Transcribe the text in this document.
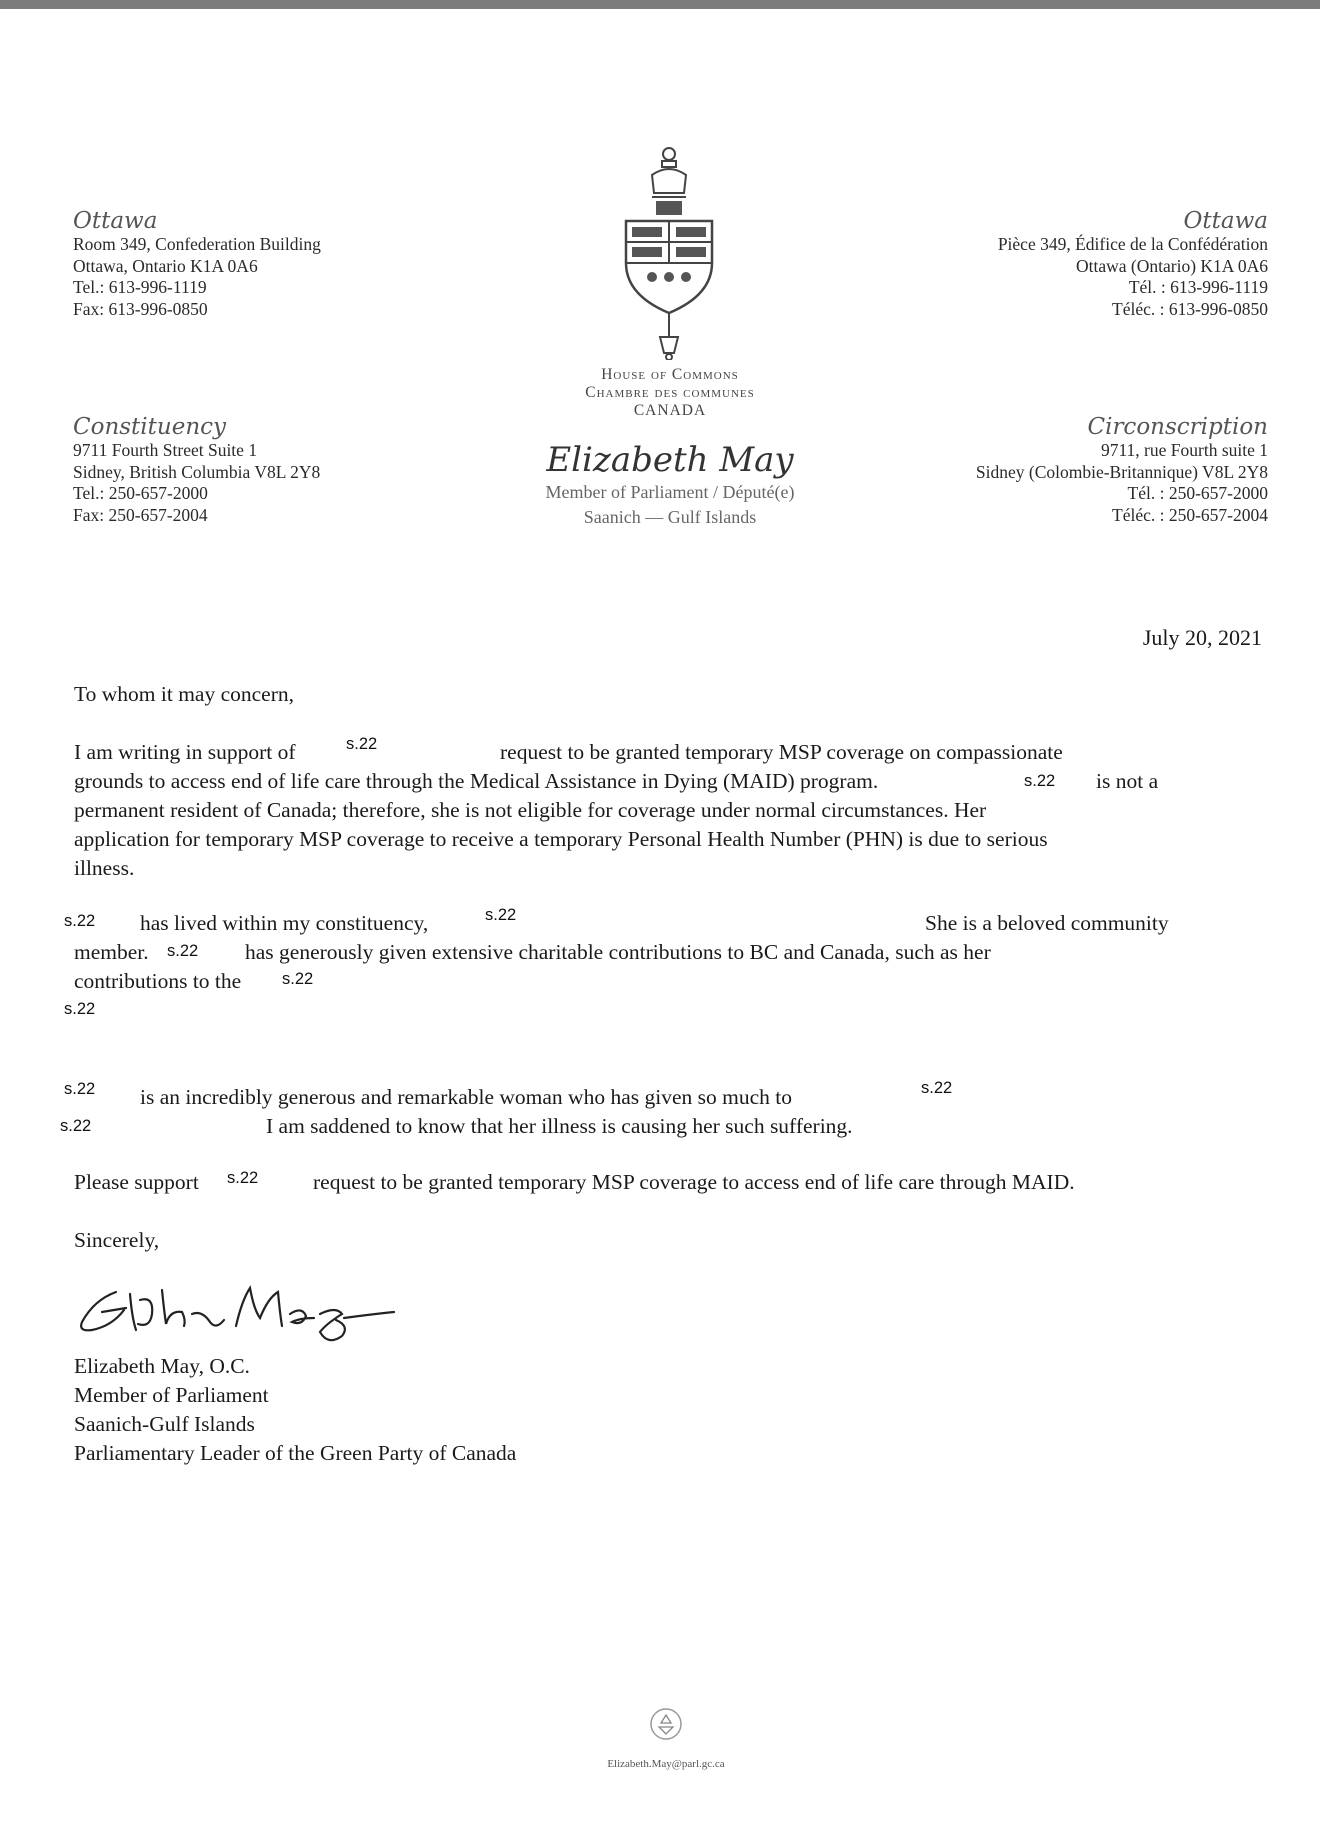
Ottawa
Room 349, Confederation Building
Ottawa, Ontario K1A 0A6
Tel.: 613-996-1119
Fax: 613-996-0850
Constituency
9711 Fourth Street Suite 1
Sidney, British Columbia V8L 2Y8
Tel.: 250-657-2000
Fax: 250-657-2004
Ottawa
Pièce 349, Édifice de la Confédération
Ottawa (Ontario) K1A 0A6
Tél. : 613-996-1119
Téléc. : 613-996-0850
Circonscription
9711, rue Fourth suite 1
Sidney (Colombie-Britannique) V8L 2Y8
Tél. : 250-657-2000
Téléc. : 250-657-2004
House of Commons
Chambre des communes
CANADA
Elizabeth May
Member of Parliament / Député(e)
Saanich — Gulf Islands
July 20, 2021
To whom it may concern,
I am writing in support of	s.22	request to be granted temporary MSP coverage on compassionate
grounds to access end of life care through the Medical Assistance in Dying (MAID) program.	s.22 is not a
permanent resident of Canada; therefore, she is not eligible for coverage under normal circumstances. Her
application for temporary MSP coverage to receive a temporary Personal Health Number (PHN) is due to serious
illness.
s.22 has lived within my constituency,	s.22	She is a beloved community
member. s.22 has generously given extensive charitable contributions to BC and Canada, such as her
contributions to the s.22
s.22
s.22 is an incredibly generous and remarkable woman who has given so much to	s.22
s.22	I am saddened to know that her illness is causing her such suffering.
Please support s.22	request to be granted temporary MSP coverage to access end of life care through MAID.
Sincerely,
Elizabeth May, O.C.
Member of Parliament
Saanich-Gulf Islands
Parliamentary Leader of the Green Party of Canada
Elizabeth.May@parl.gc.ca
